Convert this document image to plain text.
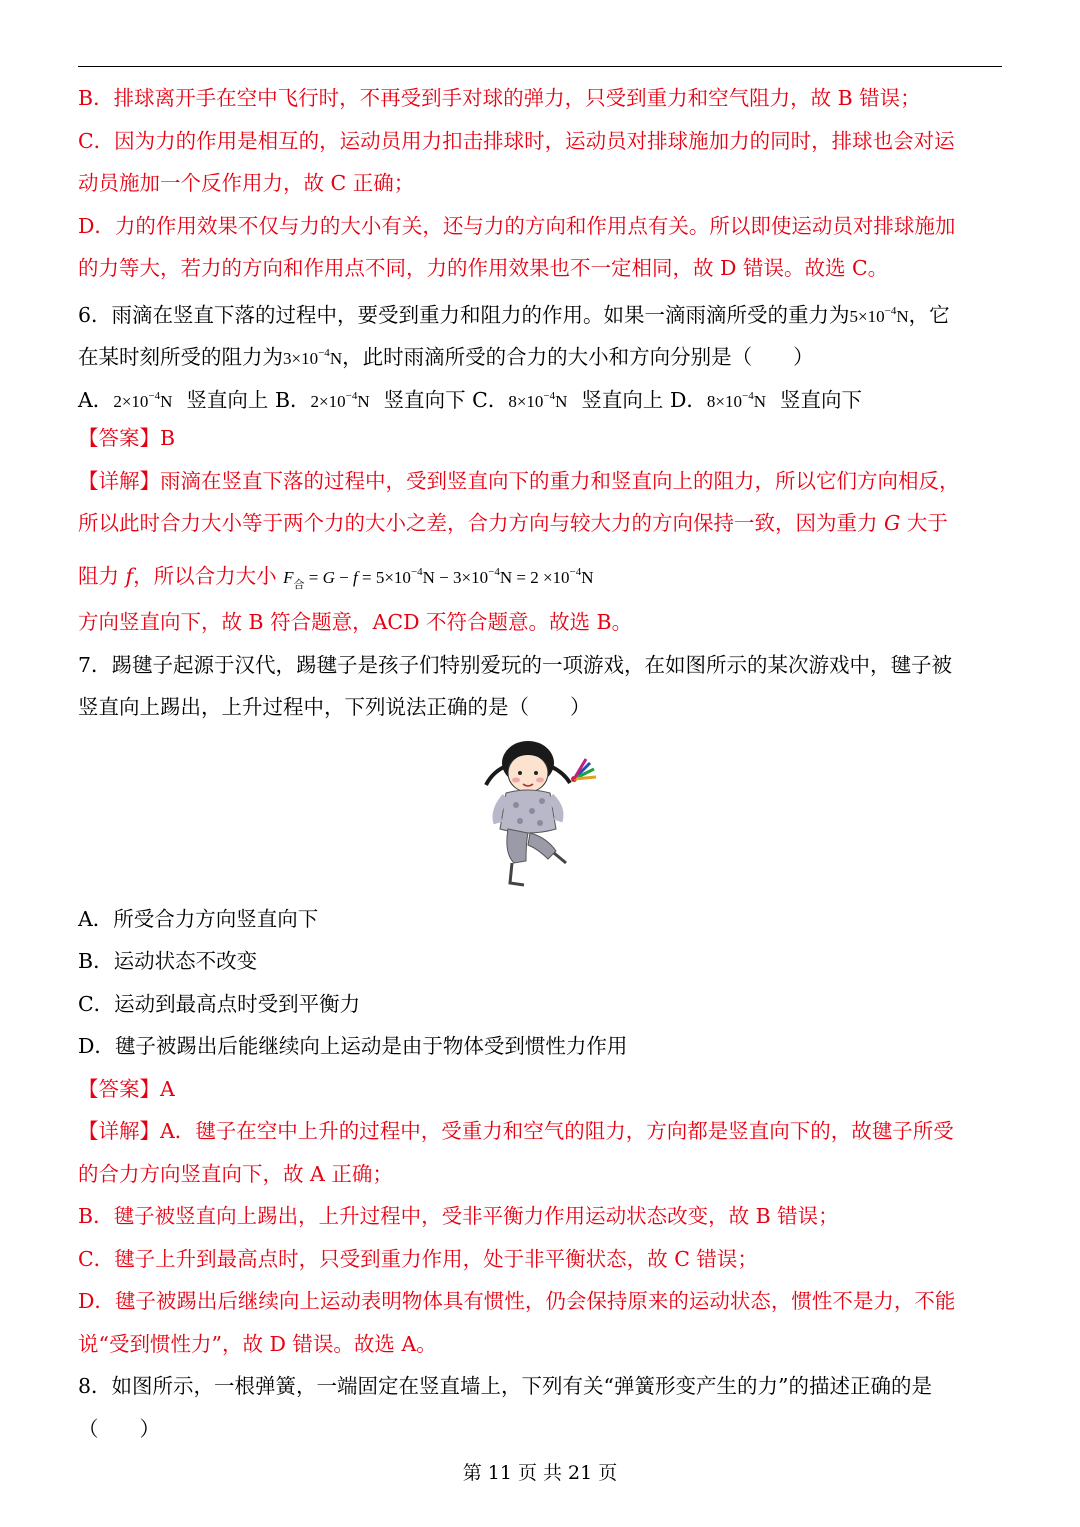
B．排球离开手在空中飞行时，不再受到手对球的弹力，只受到重力和空气阻力，故 B 错误；
C．因为力的作用是相互的，运动员用力扣击排球时，运动员对排球施加力的同时，排球也会对运
动员施加一个反作用力，故 C 正确；
D．力的作用效果不仅与力的大小有关，还与力的方向和作用点有关。所以即使运动员对排球施加
的力等大，若力的方向和作用点不同，力的作用效果也不一定相同，故 D 错误。故选 C。
6．雨滴在竖直下落的过程中，要受到重力和阻力的作用。如果一滴雨滴所受的重力为$5\times 10^{-4}N$，它
在某时刻所受的阻力为$3\times 10^{-4}N$，此时雨滴所受的合力的大小和方向分别是（　　）
A．$2\times 10^{-4}N$ 竖直向上 B．$2\times 10^{-4}N$ 竖直向下 C．$8\times 10^{-4}N$ 竖直向上 D．$8\times 10^{-4}N$ 竖直向下
【答案】B
【详解】雨滴在竖直下落的过程中，受到竖直向下的重力和竖直向上的阻力，所以它们方向相反，
所以此时合力大小等于两个力的大小之差，合力方向与较大力的方向保持一致，因为重力 G 大于
阻力 f，所以合力大小 $F_合 = G - f = 5\times 10^{-4}N - 3\times 10^{-4}N = 2 \times 10^{-4}N$
方向竖直向下，故 B 符合题意，ACD 不符合题意。故选 B。
7．踢毽子起源于汉代，踢毽子是孩子们特别爱玩的一项游戏，在如图所示的某次游戏中，毽子被
竖直向上踢出，上升过程中，下列说法正确的是（　　）
A．所受合力方向竖直向下
B．运动状态不改变
C．运动到最高点时受到平衡力
D．毽子被踢出后能继续向上运动是由于物体受到惯性力作用
【答案】A
【详解】A．毽子在空中上升的过程中，受重力和空气的阻力，方向都是竖直向下的，故毽子所受
的合力方向竖直向下，故 A 正确；
B．毽子被竖直向上踢出，上升过程中，受非平衡力作用运动状态改变，故 B 错误；
C．毽子上升到最高点时，只受到重力作用，处于非平衡状态，故 C 错误；
D．毽子被踢出后继续向上运动表明物体具有惯性，仍会保持原来的运动状态，惯性不是力，不能
说“受到惯性力”，故 D 错误。故选 A。
8．如图所示，一根弹簧，一端固定在竖直墙上，下列有关“弹簧形变产生的力”的描述正确的是
（　　）
第 11 页 共 21 页
